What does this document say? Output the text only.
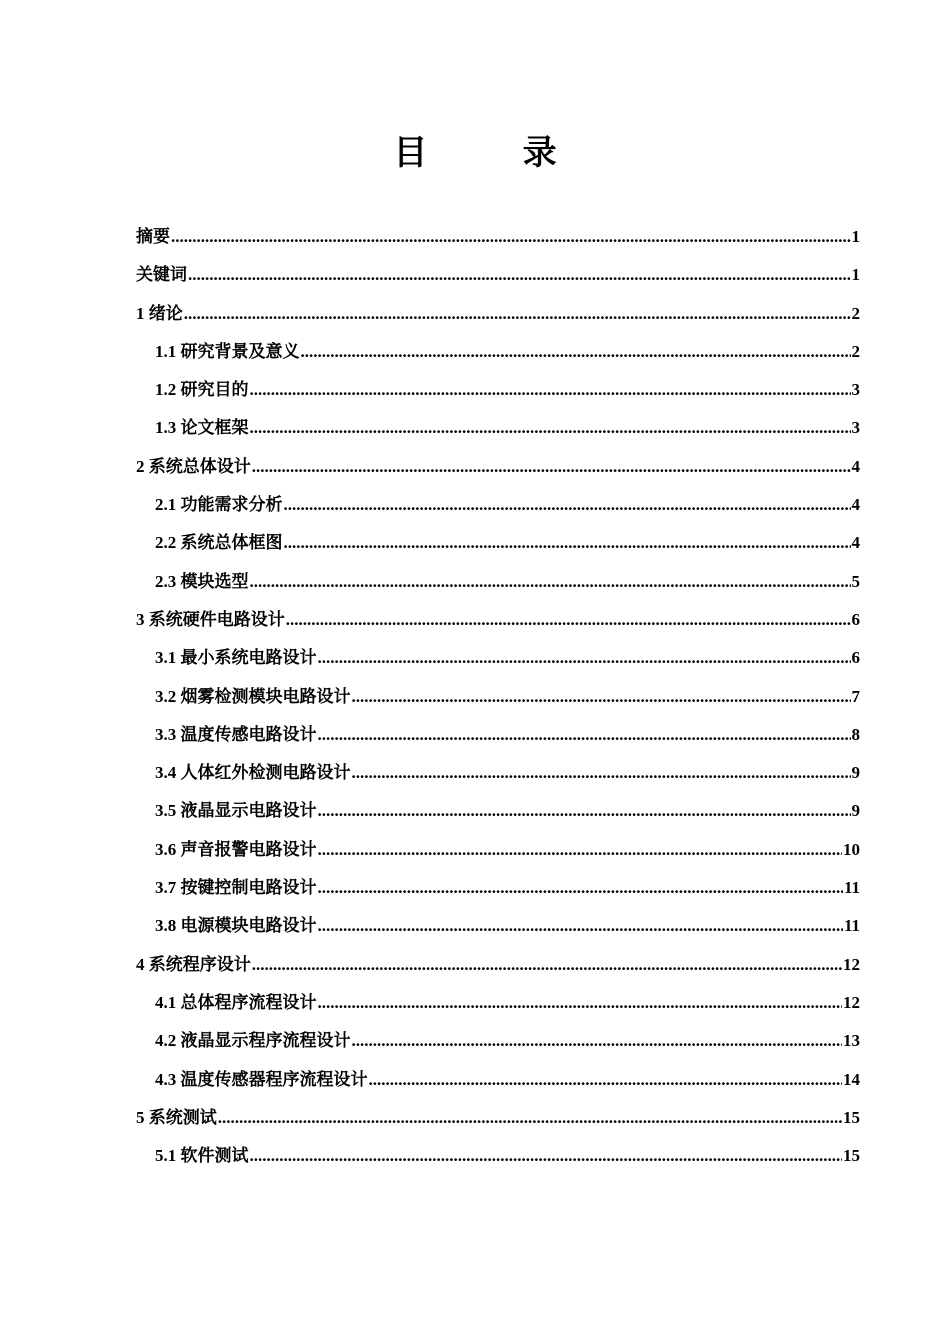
目　录
摘要 .....	1
关键词 .....	1
1 绪论 .....	2
1.1 研究背景及意义 .....	2
1.2 研究目的 .....	3
1.3 论文框架 .....	3
2 系统总体设计 .....	4
2.1 功能需求分析 .....	4
2.2 系统总体框图 .....	4
2.3 模块选型 .....	5
3 系统硬件电路设计 .....	6
3.1 最小系统电路设计 .....	6
3.2 烟雾检测模块电路设计 .....	7
3.3 温度传感电路设计 .....	8
3.4 人体红外检测电路设计 .....	9
3.5 液晶显示电路设计 .....	9
3.6 声音报警电路设计 .....	10
3.7 按键控制电路设计 .....	11
3.8 电源模块电路设计 .....	11
4 系统程序设计 .....	12
4.1 总体程序流程设计 .....	12
4.2 液晶显示程序流程设计 .....	13
4.3 温度传感器程序流程设计 .....	14
5 系统测试 .....	15
5.1 软件测试 .....	15
